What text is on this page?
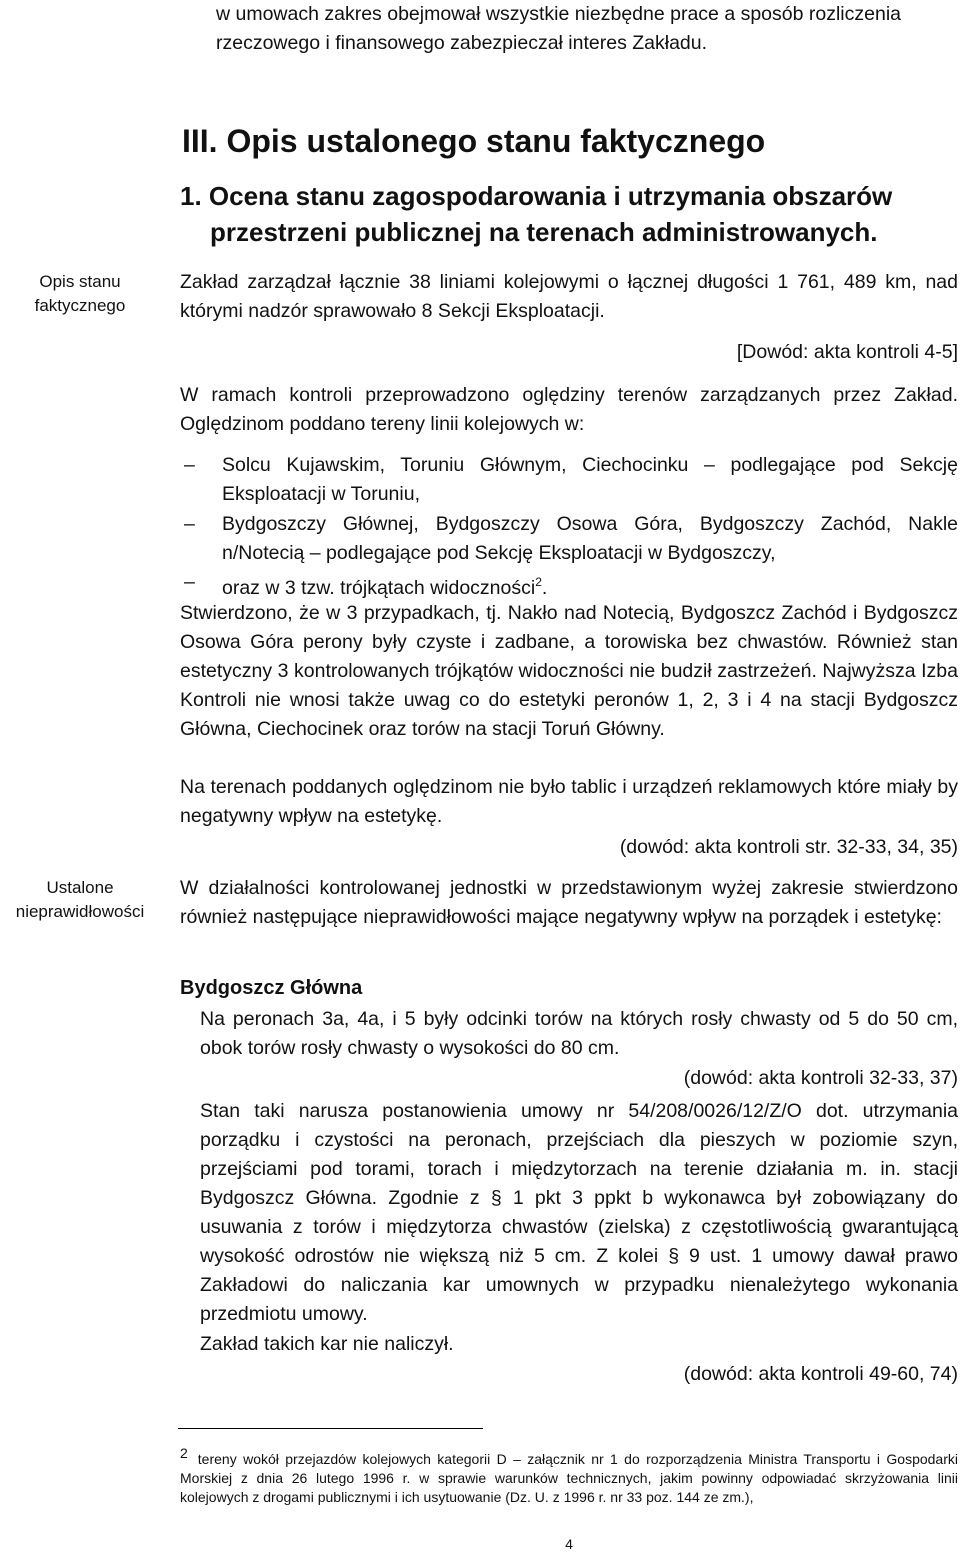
Opis stanu
faktycznego
Ustalone
nieprawidłowości
w umowach zakres obejmował wszystkie niezbędne prace a sposób rozliczenia
rzeczowego i finansowego zabezpieczał interes Zakładu.
III. Opis ustalonego stanu faktycznego
1. Ocena stanu zagospodarowania i utrzymania obszarów
przestrzeni publicznej na terenach administrowanych.

Zakład zarządzał łącznie 38 liniami kolejowymi o łącznej długości 1 761, 489 km, nad którymi nadzór sprawowało 8 Sekcji Eksploatacji.

[Dowód: akta kontroli 4-5]

W ramach kontroli przeprowadzono oględziny terenów zarządzanych przez Zakład. Oględzinom poddano tereny linii kolejowych w:

– Solcu Kujawskim, Toruniu Głównym, Ciechocinku – podlegające pod Sekcję Eksploatacji w Toruniu,
– Bydgoszczy Głównej, Bydgoszczy Osowa Góra, Bydgoszczy Zachód, Nakle n/Notecią – podlegające pod Sekcję Eksploatacji w Bydgoszczy,
– oraz w 3 tzw. trójkątach widoczności$^2$.

Stwierdzono, że w 3 przypadkach, tj. Nakło nad Notecią, Bydgoszcz Zachód i Bydgoszcz Osowa Góra perony były czyste i zadbane, a torowiska bez chwastów. Również stan estetyczny 3 kontrolowanych trójkątów widoczności nie budził zastrzeżeń. Najwyższa Izba Kontroli nie wnosi także uwag co do estetyki peronów 1, 2, 3 i 4 na stacji Bydgoszcz Główna, Ciechocinek oraz torów na stacji Toruń Główny.

Na terenach poddanych oględzinom nie było tablic i urządzeń reklamowych które miały by negatywny wpływ na estetykę.

(dowód: akta kontroli str. 32-33, 34, 35)

W działalności kontrolowanej jednostki w przedstawionym wyżej zakresie stwierdzono również następujące nieprawidłowości mające negatywny wpływ na porządek i estetykę:

Bydgoszcz Główna

Na peronach 3a, 4a, i 5 były odcinki torów na których rosły chwasty od 5 do 50 cm, obok torów rosły chwasty o wysokości do 80 cm.

(dowód: akta kontroli 32-33, 37)

Stan taki narusza postanowienia umowy nr 54/208/0026/12/Z/O dot. utrzymania porządku i czystości na peronach, przejściach dla pieszych w poziomie szyn, przejściami pod torami, torach i międzytorzach na terenie działania m. in. stacji Bydgoszcz Główna. Zgodnie z § 1 pkt 3 ppkt b wykonawca był zobowiązany do usuwania z torów i międzytorza chwastów (zielska) z częstotliwością gwarantującą wysokość odrostów nie większą niż 5 cm. Z kolei § 9 ust. 1 umowy dawał prawo Zakładowi do naliczania kar umownych w przypadku nienależytego wykonania przedmiotu umowy.

Zakład takich kar nie naliczył.

(dowód: akta kontroli 49-60, 74)
$^2$ tereny wokół przejazdów kolejowych kategorii D – załącznik nr 1 do rozporządzenia Ministra Transportu i Gospodarki Morskiej z dnia 26 lutego 1996 r. w sprawie warunków technicznych, jakim powinny odpowiadać skrzyżowania linii kolejowych z drogami publicznymi i ich usytuowanie (Dz. U. z 1996 r. nr 33 poz. 144 ze zm.),
4
